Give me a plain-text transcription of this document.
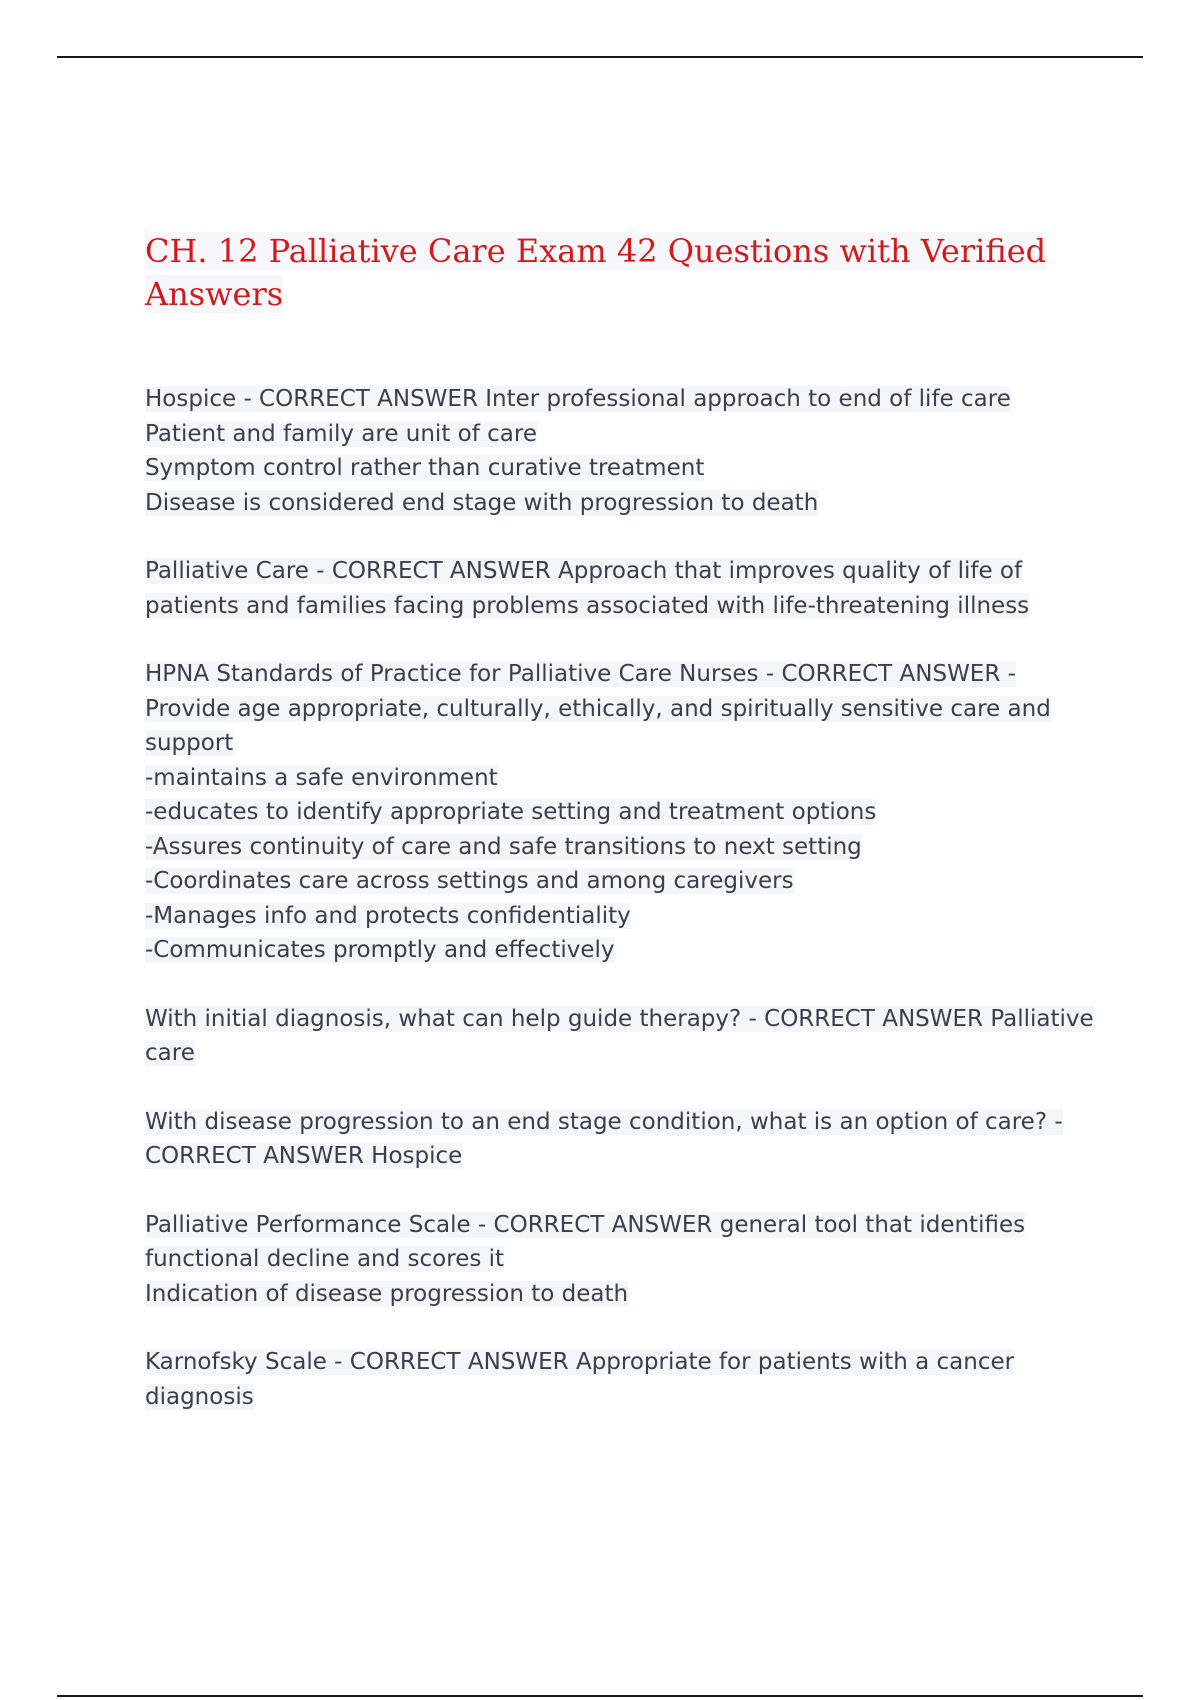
CH. 12 Palliative Care Exam 42 Questions with Verified Answers
Hospice - CORRECT ANSWER Inter professional approach to end of life care
Patient and family are unit of care
Symptom control rather than curative treatment
Disease is considered end stage with progression to death
Palliative Care - CORRECT ANSWER Approach that improves quality of life of
patients and families facing problems associated with life-threatening illness
HPNA Standards of Practice for Palliative Care Nurses - CORRECT ANSWER -
Provide age appropriate, culturally, ethically, and spiritually sensitive care and
support
-maintains a safe environment
-educates to identify appropriate setting and treatment options
-Assures continuity of care and safe transitions to next setting
-Coordinates care across settings and among caregivers
-Manages info and protects confidentiality
-Communicates promptly and effectively
With initial diagnosis, what can help guide therapy? - CORRECT ANSWER Palliative
care
With disease progression to an end stage condition, what is an option of care? -
CORRECT ANSWER Hospice
Palliative Performance Scale - CORRECT ANSWER general tool that identifies
functional decline and scores it
Indication of disease progression to death
Karnofsky Scale - CORRECT ANSWER Appropriate for patients with a cancer
diagnosis
